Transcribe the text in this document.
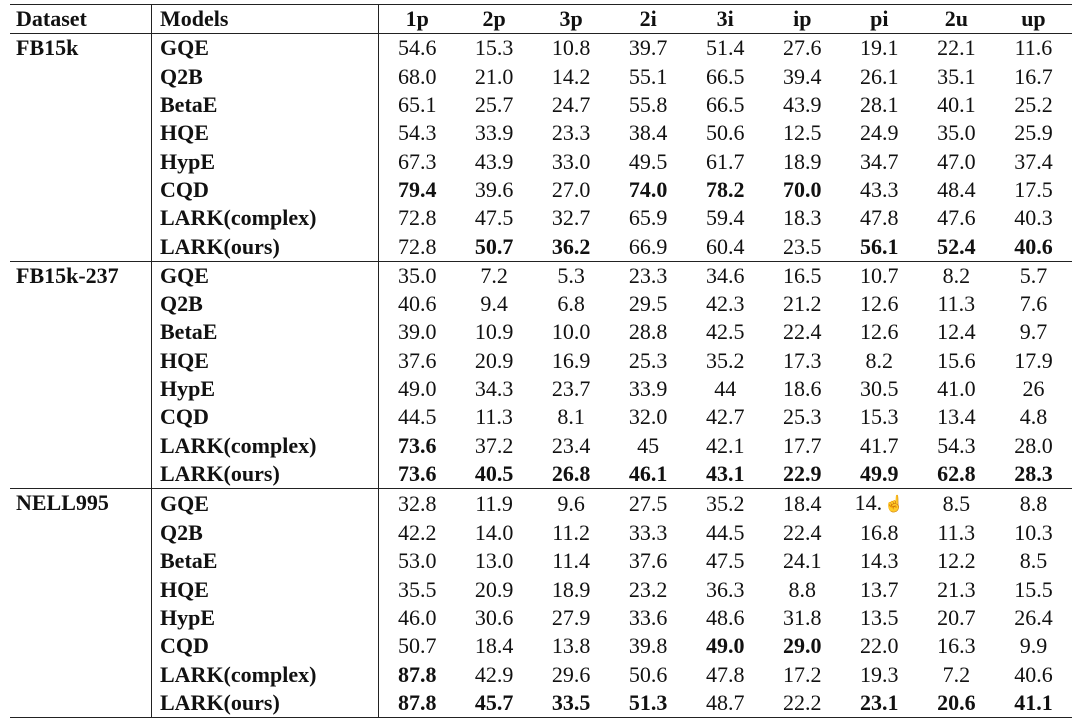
Dataset	Models	1p	2p	3p	2i	3i	ip	pi	2u	up
FB15k	GQE	54.6	15.3	10.8	39.7	51.4	27.6	19.1	22.1	11.6
	Q2B	68.0	21.0	14.2	55.1	66.5	39.4	26.1	35.1	16.7
	BetaE	65.1	25.7	24.7	55.8	66.5	43.9	28.1	40.1	25.2
	HQE	54.3	33.9	23.3	38.4	50.6	12.5	24.9	35.0	25.9
	HypE	67.3	43.9	33.0	49.5	61.7	18.9	34.7	47.0	37.4
	CQD	79.4	39.6	27.0	74.0	78.2	70.0	43.3	48.4	17.5
	LARK(complex)	72.8	47.5	32.7	65.9	59.4	18.3	47.8	47.6	40.3
	LARK(ours)	72.8	50.7	36.2	66.9	60.4	23.5	56.1	52.4	40.6
FB15k-237	GQE	35.0	7.2	5.3	23.3	34.6	16.5	10.7	8.2	5.7
	Q2B	40.6	9.4	6.8	29.5	42.3	21.2	12.6	11.3	7.6
	BetaE	39.0	10.9	10.0	28.8	42.5	22.4	12.6	12.4	9.7
	HQE	37.6	20.9	16.9	25.3	35.2	17.3	8.2	15.6	17.9
	HypE	49.0	34.3	23.7	33.9	44	18.6	30.5	41.0	26
	CQD	44.5	11.3	8.1	32.0	42.7	25.3	15.3	13.4	4.8
	LARK(complex)	73.6	37.2	23.4	45	42.1	17.7	41.7	54.3	28.0
	LARK(ours)	73.6	40.5	26.8	46.1	43.1	22.9	49.9	62.8	28.3
NELL995	GQE	32.8	11.9	9.6	27.5	35.2	18.4	14. ☝	8.5	8.8
	Q2B	42.2	14.0	11.2	33.3	44.5	22.4	16.8	11.3	10.3
	BetaE	53.0	13.0	11.4	37.6	47.5	24.1	14.3	12.2	8.5
	HQE	35.5	20.9	18.9	23.2	36.3	8.8	13.7	21.3	15.5
	HypE	46.0	30.6	27.9	33.6	48.6	31.8	13.5	20.7	26.4
	CQD	50.7	18.4	13.8	39.8	49.0	29.0	22.0	16.3	9.9
	LARK(complex)	87.8	42.9	29.6	50.6	47.8	17.2	19.3	7.2	40.6
	LARK(ours)	87.8	45.7	33.5	51.3	48.7	22.2	23.1	20.6	41.1
